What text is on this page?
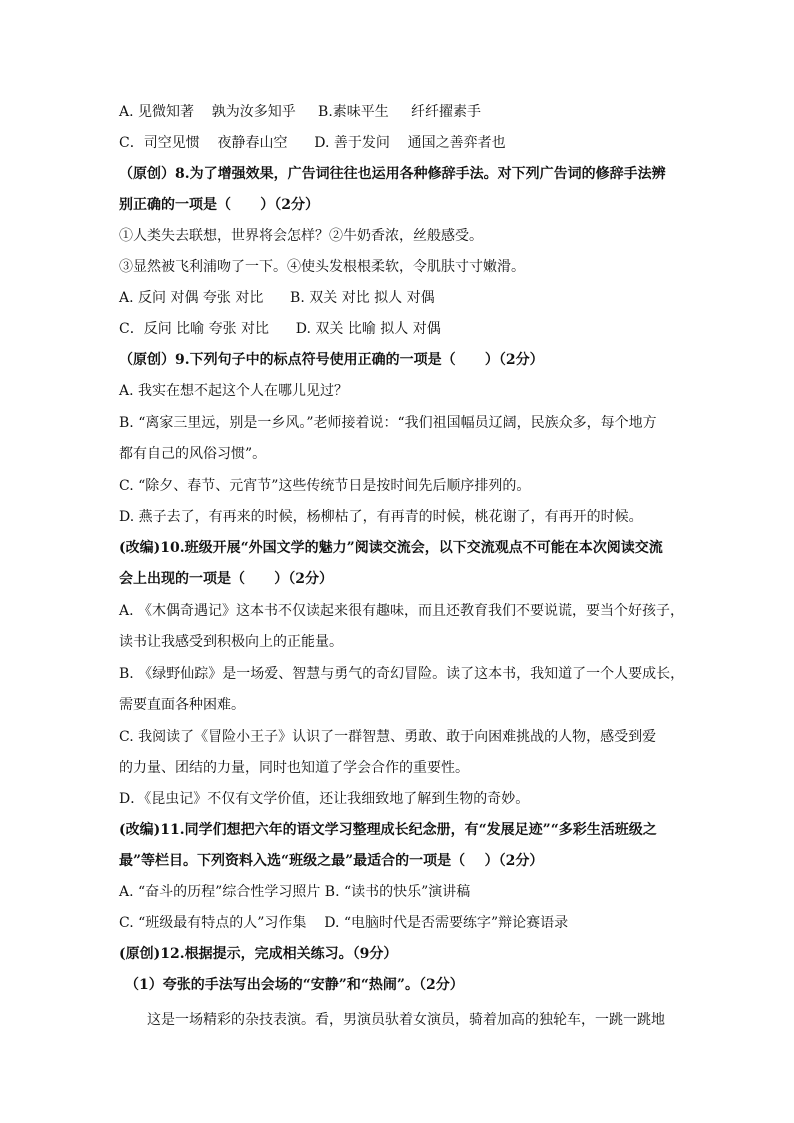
A. 见微知著    孰为汝多知乎     B.素味平生     纤纤擢素手
C．司空见惯    夜静春山空      D. 善于发问    通国之善弈者也
（原创）8.为了增强效果，广告词往往也运用各种修辞手法。对下列广告词的修辞手法辨
别正确的一项是（      ）（2分）
①人类失去联想，世界将会怎样？②牛奶香浓，丝般感受。
③显然被飞利浦吻了一下。④使头发根根柔软，令肌肤寸寸嫩滑。
A. 反问 对偶 夸张 对比      B. 双关 对比 拟人 对偶
C．反问 比喻 夸张 对比      D. 双关 比喻 拟人 对偶
（原创）9.下列句子中的标点符号使用正确的一项是（      ）（2分）
A. 我实在想不起这个人在哪儿见过？
B. “离家三里远，别是一乡风。”老师接着说：“我们祖国幅员辽阔，民族众多，每个地方
都有自己的风俗习惯”。
C. “除夕、春节、元宵节”这些传统节日是按时间先后顺序排列的。
D. 燕子去了，有再来的时候，杨柳枯了，有再青的时候，桃花谢了，有再开的时候。
(改编)10.班级开展“外国文学的魅力”阅读交流会，以下交流观点不可能在本次阅读交流
会上出现的一项是（      ）（2分）
A. 《木偶奇遇记》这本书不仅读起来很有趣味，而且还教育我们不要说谎，要当个好孩子，
读书让我感受到积极向上的正能量。
B. 《绿野仙踪》是一场爱、智慧与勇气的奇幻冒险。读了这本书，我知道了一个人要成长，
需要直面各种困难。
C. 我阅读了《冒险小王子》认识了一群智慧、勇敢、敢于向困难挑战的人物，感受到爱
的力量、团结的力量，同时也知道了学会合作的重要性。
D．《昆虫记》不仅有文学价值，还让我细致地了解到生物的奇妙。
(改编)11.同学们想把六年的语文学习整理成长纪念册，有“发展足迹”“多彩生活班级之
最”等栏目。下列资料入选“班级之最”最适合的一项是（    ）（2分）
A. “奋斗的历程”综合性学习照片 B. “读书的快乐”演讲稿
C. “班级最有特点的人”习作集    D. “电脑时代是否需要练字”辩论赛语录
(原创)12.根据提示，完成相关练习。（9分）
（1）夸张的手法写出会场的“安静”和“热闹”。（2分）
这是一场精彩的杂技表演。看，男演员驮着女演员，骑着加高的独轮车，一跳一跳地
